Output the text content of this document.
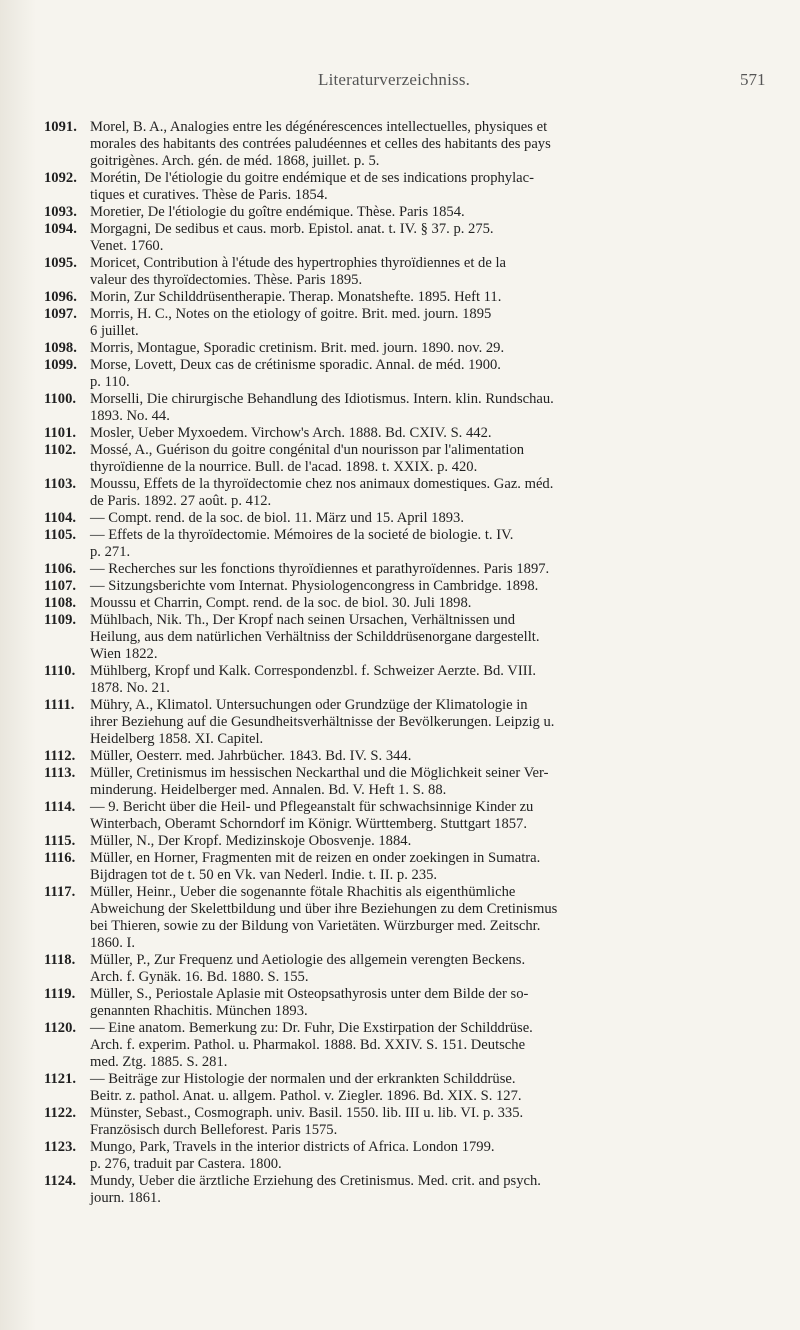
Literaturverzeichniss.	571
1091. Morel, B. A., Analogies entre les dégénérescences intellectuelles, physiques et
morales des habitants des contrées paludéennes et celles des habitants des pays
goitrigènes. Arch. gén. de méd. 1868, juillet. p. 5.
1092. Morétin, De l'étiologie du goitre endémique et de ses indications prophylac-
tiques et curatives. Thèse de Paris. 1854.
1093. Moretier, De l'étiologie du goître endémique. Thèse. Paris 1854.
1094. Morgagni, De sedibus et caus. morb. Epistol. anat. t. IV. § 37. p. 275.
Venet. 1760.
1095. Moricet, Contribution à l'étude des hypertrophies thyroïdiennes et de la
valeur des thyroïdectomies. Thèse. Paris 1895.
1096. Morin, Zur Schilddrüsentherapie. Therap. Monatshefte. 1895. Heft 11.
1097. Morris, H. C., Notes on the etiology of goitre. Brit. med. journ. 1895
6 juillet.
1098. Morris, Montague, Sporadic cretinism. Brit. med. journ. 1890. nov. 29.
1099. Morse, Lovett, Deux cas de crétinisme sporadic. Annal. de méd. 1900.
p. 110.
1100. Morselli, Die chirurgische Behandlung des Idiotismus. Intern. klin. Rundschau.
1893. No. 44.
1101. Mosler, Ueber Myxoedem. Virchow's Arch. 1888. Bd. CXIV. S. 442.
1102. Mossé, A., Guérison du goitre congénital d'un nourisson par l'alimentation
thyroïdienne de la nourrice. Bull. de l'acad. 1898. t. XXIX. p. 420.
1103. Moussu, Effets de la thyroïdectomie chez nos animaux domestiques. Gaz. méd.
de Paris. 1892. 27 août. p. 412.
1104. — Compt. rend. de la soc. de biol. 11. März und 15. April 1893.
1105. — Effets de la thyroïdectomie. Mémoires de la societé de biologie. t. IV.
p. 271.
1106. — Recherches sur les fonctions thyroïdiennes et parathyroïdennes. Paris 1897.
1107. — Sitzungsberichte vom Internat. Physiologencongress in Cambridge. 1898.
1108. Moussu et Charrin, Compt. rend. de la soc. de biol. 30. Juli 1898.
1109. Mühlbach, Nik. Th., Der Kropf nach seinen Ursachen, Verhältnissen und
Heilung, aus dem natürlichen Verhältniss der Schilddrüsenorgane dargestellt.
Wien 1822.
1110.	Mühlberg, Kropf und Kalk. Correspondenzbl. f. Schweizer Aerzte. Bd. VIII.
1878. No. 21.
1111.	Mühry, A., Klimatol. Untersuchungen oder Grundzüge der Klimatologie in
ihrer Beziehung auf die Gesundheitsverhältnisse der Bevölkerungen. Leipzig u.
Heidelberg 1858. XI. Capitel.
1112.	Müller, Oesterr. med. Jahrbücher. 1843. Bd. IV. S. 344.
1113.	Müller, Cretinismus im hessischen Neckarthal und die Möglichkeit seiner Ver-
minderung. Heidelberger med. Annalen. Bd. V. Heft 1. S. 88.
1114.	— 9. Bericht über die Heil- und Pflegeanstalt für schwachsinnige Kinder zu
Winterbach, Oberamt Schorndorf im Königr. Württemberg. Stuttgart 1857.
1115.	Müller, N., Der Kropf. Medizinskoje Obosvenje. 1884.
1116.	Müller, en Horner, Fragmenten mit de reizen en onder zoekingen in Sumatra.
Bijdragen tot de t. 50 en Vk. van Nederl. Indie. t. II. p. 235.
1117.	Müller, Heinr., Ueber die sogenannte fötale Rhachitis als eigenthümliche
Abweichung der Skelettbildung und über ihre Beziehungen zu dem Cretinismus
bei Thieren, sowie zu der Bildung von Varietäten. Würzburger med. Zeitschr.
1860. I.
1118.	Müller, P., Zur Frequenz und Aetiologie des allgemein verengten Beckens.
Arch. f. Gynäk. 16. Bd. 1880. S. 155.
1119.	Müller, S., Periostale Aplasie mit Osteopsathyrosis unter dem Bilde der so-
genannten Rhachitis. München 1893.
1120. — Eine anatom. Bemerkung zu: Dr. Fuhr, Die Exstirpation der Schilddrüse.
Arch. f. experim. Pathol. u. Pharmakol. 1888. Bd. XXIV. S. 151. Deutsche
med. Ztg. 1885. S. 281.
1121. — Beiträge zur Histologie der normalen und der erkrankten Schilddrüse.
Beitr. z. pathol. Anat. u. allgem. Pathol. v. Ziegler. 1896. Bd. XIX. S. 127.
1122. Münster, Sebast., Cosmograph. univ. Basil. 1550. lib. III u. lib. VI. p. 335.
Französisch durch Belleforest. Paris 1575.
1123. Mungo, Park, Travels in the interior districts of Africa. London 1799.
p. 276, traduit par Castera. 1800.
1124. Mundy, Ueber die ärztliche Erziehung des Cretinismus. Med. crit. and psych.
journ. 1861.
